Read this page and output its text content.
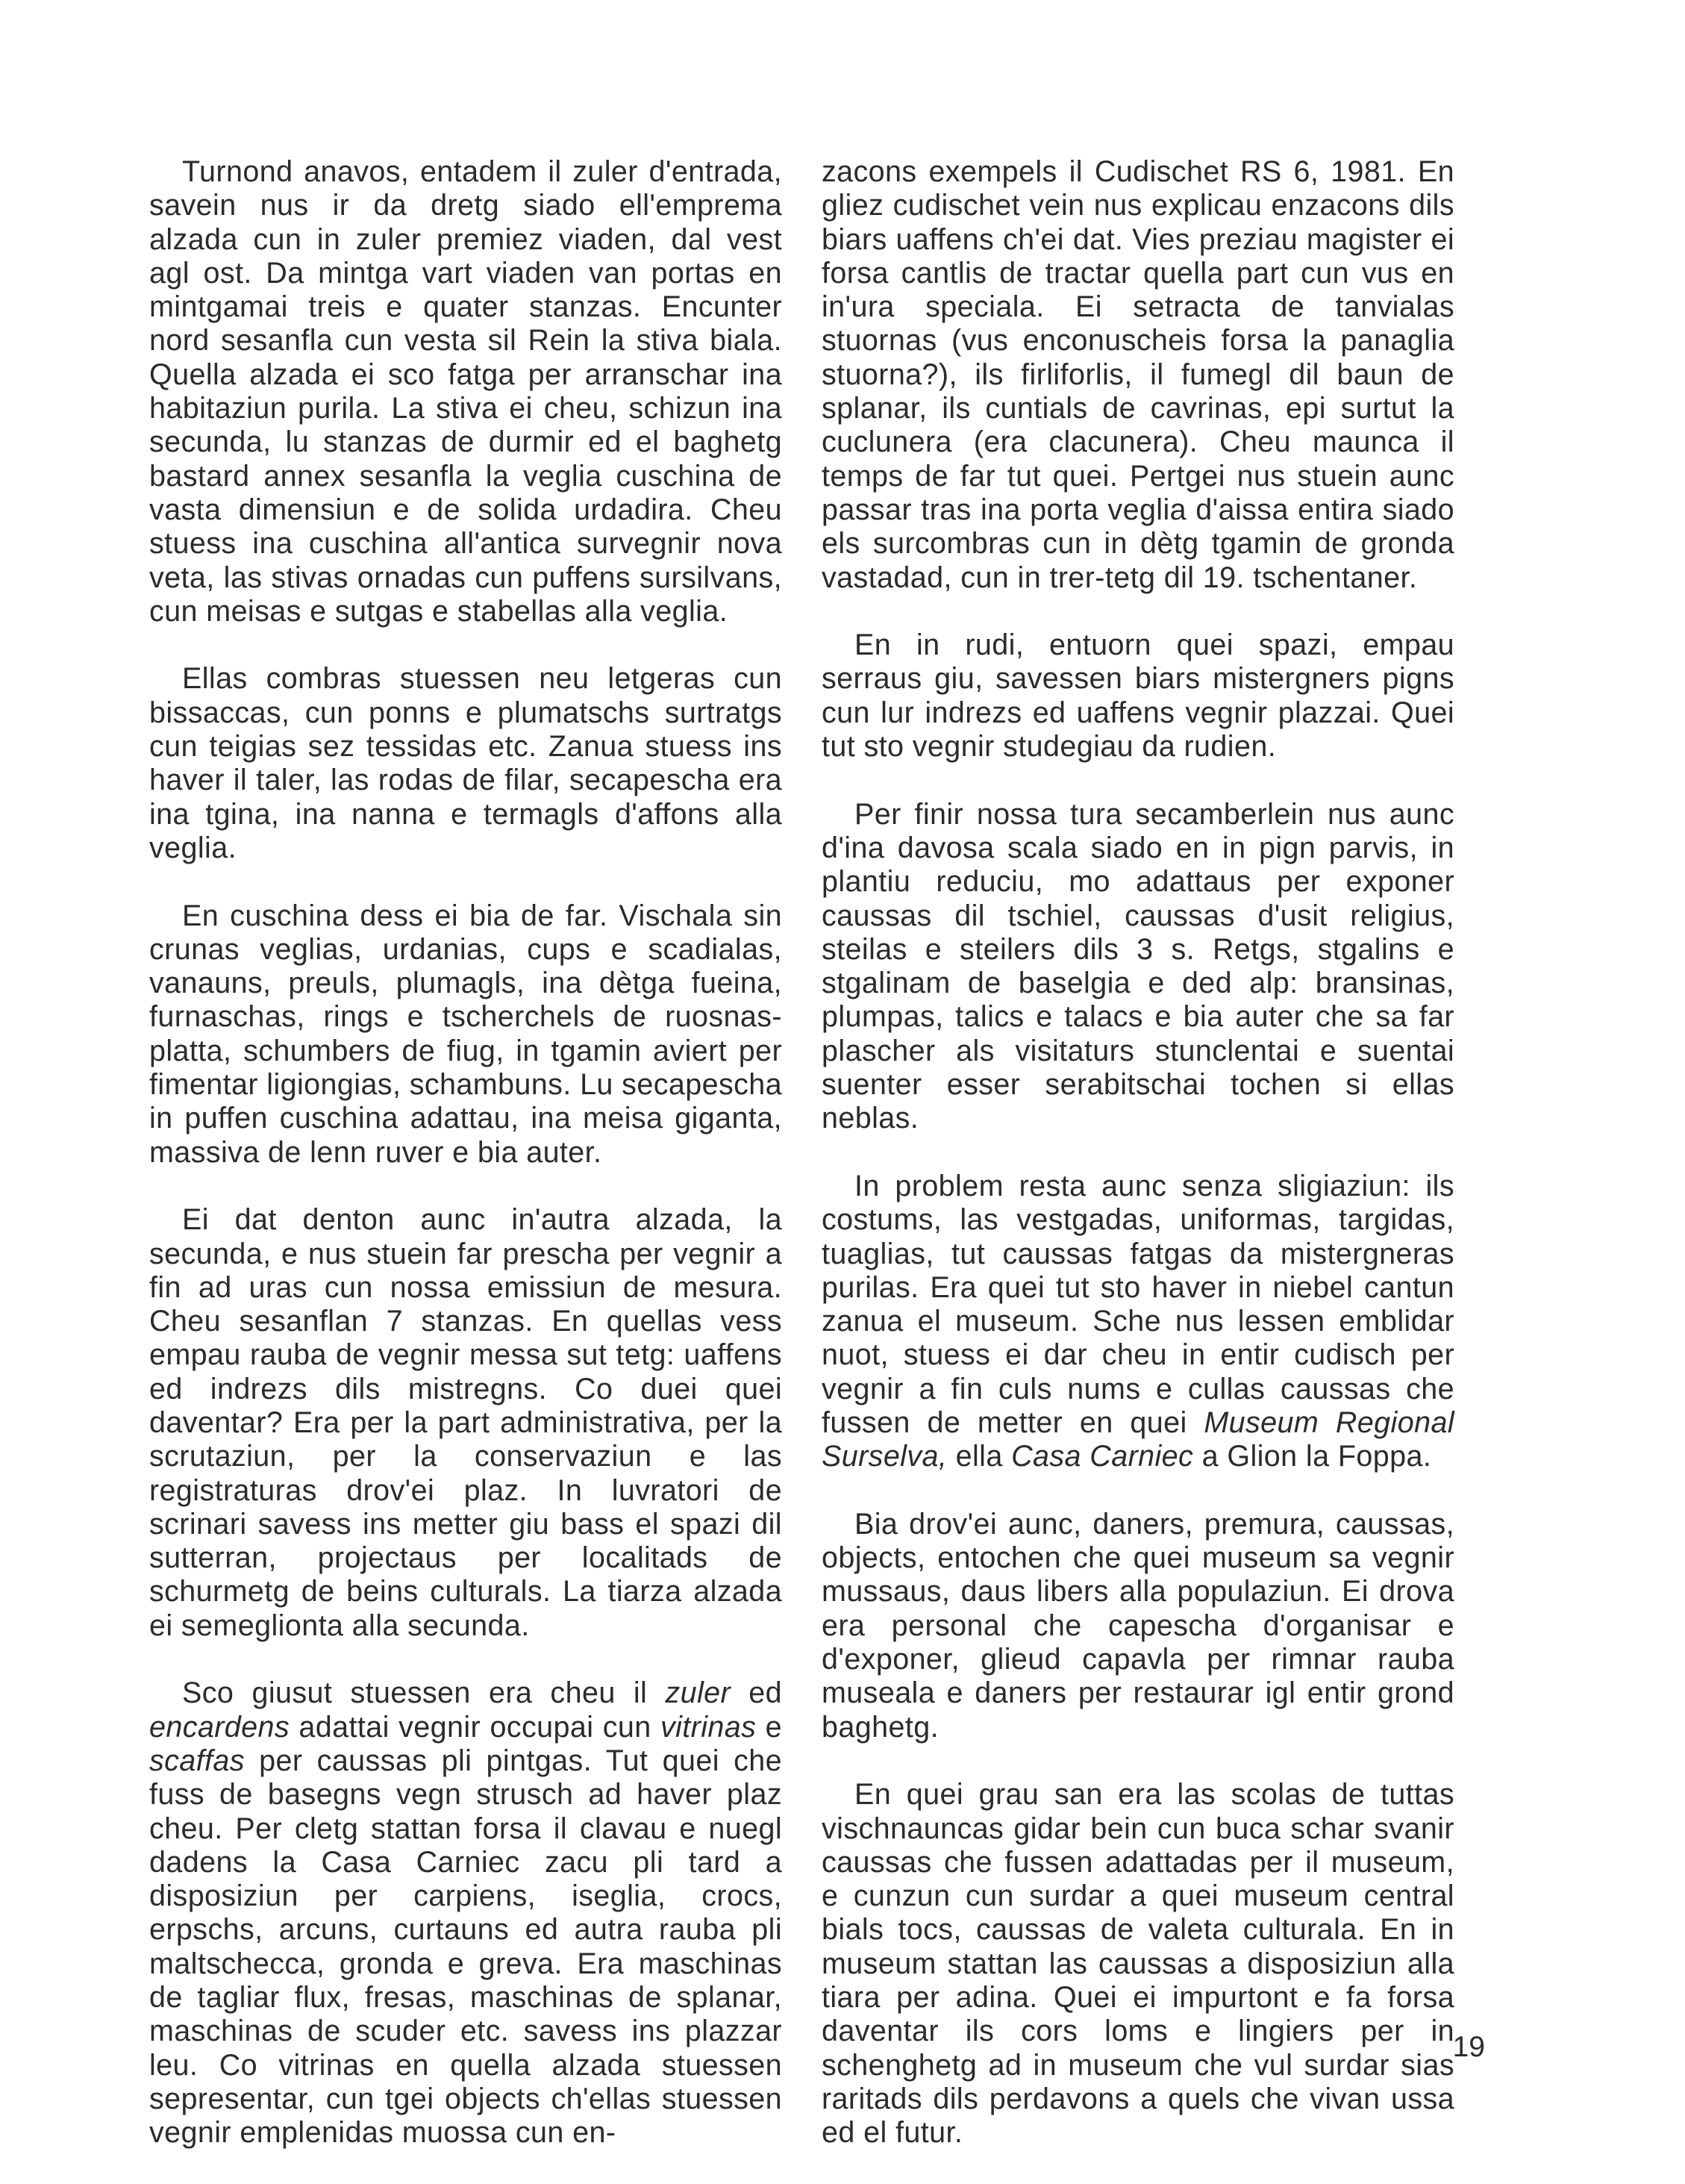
Turnond anavos, entadem il zuler d'entrada, savein nus ir da dretg siado ell'emprema alzada cun in zuler premiez viaden, dal vest agl ost. Da mintga vart viaden van portas en mintgamai treis e quater stanzas. Encunter nord sesanfla cun vesta sil Rein la stiva biala. Quella alzada ei sco fatga per arranschar ina habitaziun purila. La stiva ei cheu, schizun ina secunda, lu stanzas de durmir ed el baghetg bastard annex sesanfla la veglia cuschina de vasta dimensiun e de solida urdadira. Cheu stuess ina cuschina all'antica survegnir nova veta, las stivas ornadas cun puffens sursilvans, cun meisas e sutgas e stabellas alla veglia.

Ellas combras stuessen neu letgeras cun bissaccas, cun ponns e plumatschs surtratgs cun teigias sez tessidas etc. Zanua stuess ins haver il taler, las rodas de filar, secapescha era ina tgina, ina nanna e termagls d'affons alla veglia.

En cuschina dess ei bia de far. Vischala sin crunas veglias, urdanias, cups e scadialas, vanauns, preuls, plumagls, ina dètga fueina, furnaschas, rings e tscherchels de ruosnas-platta, schumbers de fiug, in tgamin aviert per fimentar ligiongias, schambuns. Lu secapescha in puffen cuschina adattau, ina meisa giganta, massiva de lenn ruver e bia auter.

Ei dat denton aunc in'autra alzada, la secunda, e nus stuein far prescha per vegnir a fin ad uras cun nossa emissiun de mesura. Cheu sesanflan 7 stanzas. En quellas vess empau rauba de vegnir messa sut tetg: uaffens ed indrezs dils mistregns. Co duei quei daventar? Era per la part administrativa, per la scrutaziun, per la conservaziun e las registraturas drov'ei plaz. In luvratori de scrinari savess ins metter giu bass el spazi dil sutterran, projectaus per localitads de schurmetg de beins culturals. La tiarza alzada ei semeglionta alla secunda.

Sco giusut stuessen era cheu il zuler ed encardens adattai vegnir occupai cun vitrinas e scaffas per caussas pli pintgas. Tut quei che fuss de basegns vegn strusch ad haver plaz cheu. Per cletg stattan forsa il clavau e nuegl dadens la Casa Carniec zacu pli tard a disposiziun per carpiens, iseglia, crocs, erpschs, arcuns, curtauns ed autra rauba pli maltschecca, gronda e greva. Era maschinas de tagliar flux, fresas, maschinas de splanar, maschinas de scuder etc. savess ins plazzar leu. Co vitrinas en quella alzada stuessen sepresentar, cun tgei objects ch'ellas stuessen vegnir emplenidas muossa cun en-

zacons exempels il Cudischet RS 6, 1981. En gliez cudischet vein nus explicau enzacons dils biars uaffens ch'ei dat. Vies preziau magister ei forsa cantlis de tractar quella part cun vus en in'ura speciala. Ei setracta de tanvialas stuornas (vus enconuscheis forsa la panaglia stuorna?), ils firliforlis, il fumegl dil baun de splanar, ils cuntials de cavrinas, epi surtut la cuclunera (era clacunera). Cheu maunca il temps de far tut quei. Pertgei nus stuein aunc passar tras ina porta veglia d'aissa entira siado els surcombras cun in dètg tgamin de gronda vastadad, cun in trer-tetg dil 19. tschentaner.

En in rudi, entuorn quei spazi, empau serraus giu, savessen biars mistergners pigns cun lur indrezs ed uaffens vegnir plazzai. Quei tut sto vegnir studegiau da rudien.

Per finir nossa tura secamberlein nus aunc d'ina davosa scala siado en in pign parvis, in plantiu reduciu, mo adattaus per exponer caussas dil tschiel, caussas d'usit religius, steilas e steilers dils 3 s. Retgs, stgalins e stgalinam de baselgia e ded alp: bransinas, plumpas, talics e talacs e bia auter che sa far plascher als visitaturs stunclentai e suentai suenter esser serabitschai tochen si ellas neblas.

In problem resta aunc senza sligiaziun: ils costums, las vestgadas, uniformas, targidas, tuaglias, tut caussas fatgas da mistergneras purilas. Era quei tut sto haver in niebel cantun zanua el museum. Sche nus lessen emblidar nuot, stuess ei dar cheu in entir cudisch per vegnir a fin culs nums e cullas caussas che fussen de metter en quei Museum Regional Surselva, ella Casa Carniec a Glion la Foppa.

Bia drov'ei aunc, daners, premura, caussas, objects, entochen che quei museum sa vegnir mussaus, daus libers alla populaziun. Ei drova era personal che capescha d'organisar e d'exponer, glieud capavla per rimnar rauba museala e daners per restaurar igl entir grond baghetg.

En quei grau san era las scolas de tuttas vischnauncas gidar bein cun buca schar svanir caussas che fussen adattadas per il museum, e cunzun cun surdar a quei museum central bials tocs, caussas de valeta culturala. En in museum stattan las caussas a disposiziun alla tiara per adina. Quei ei impurtont e fa forsa daventar ils cors loms e lingiers per in schenghetg ad in museum che vul surdar sias raritads dils perdavons a quels che vivan ussa ed el futur.

19
